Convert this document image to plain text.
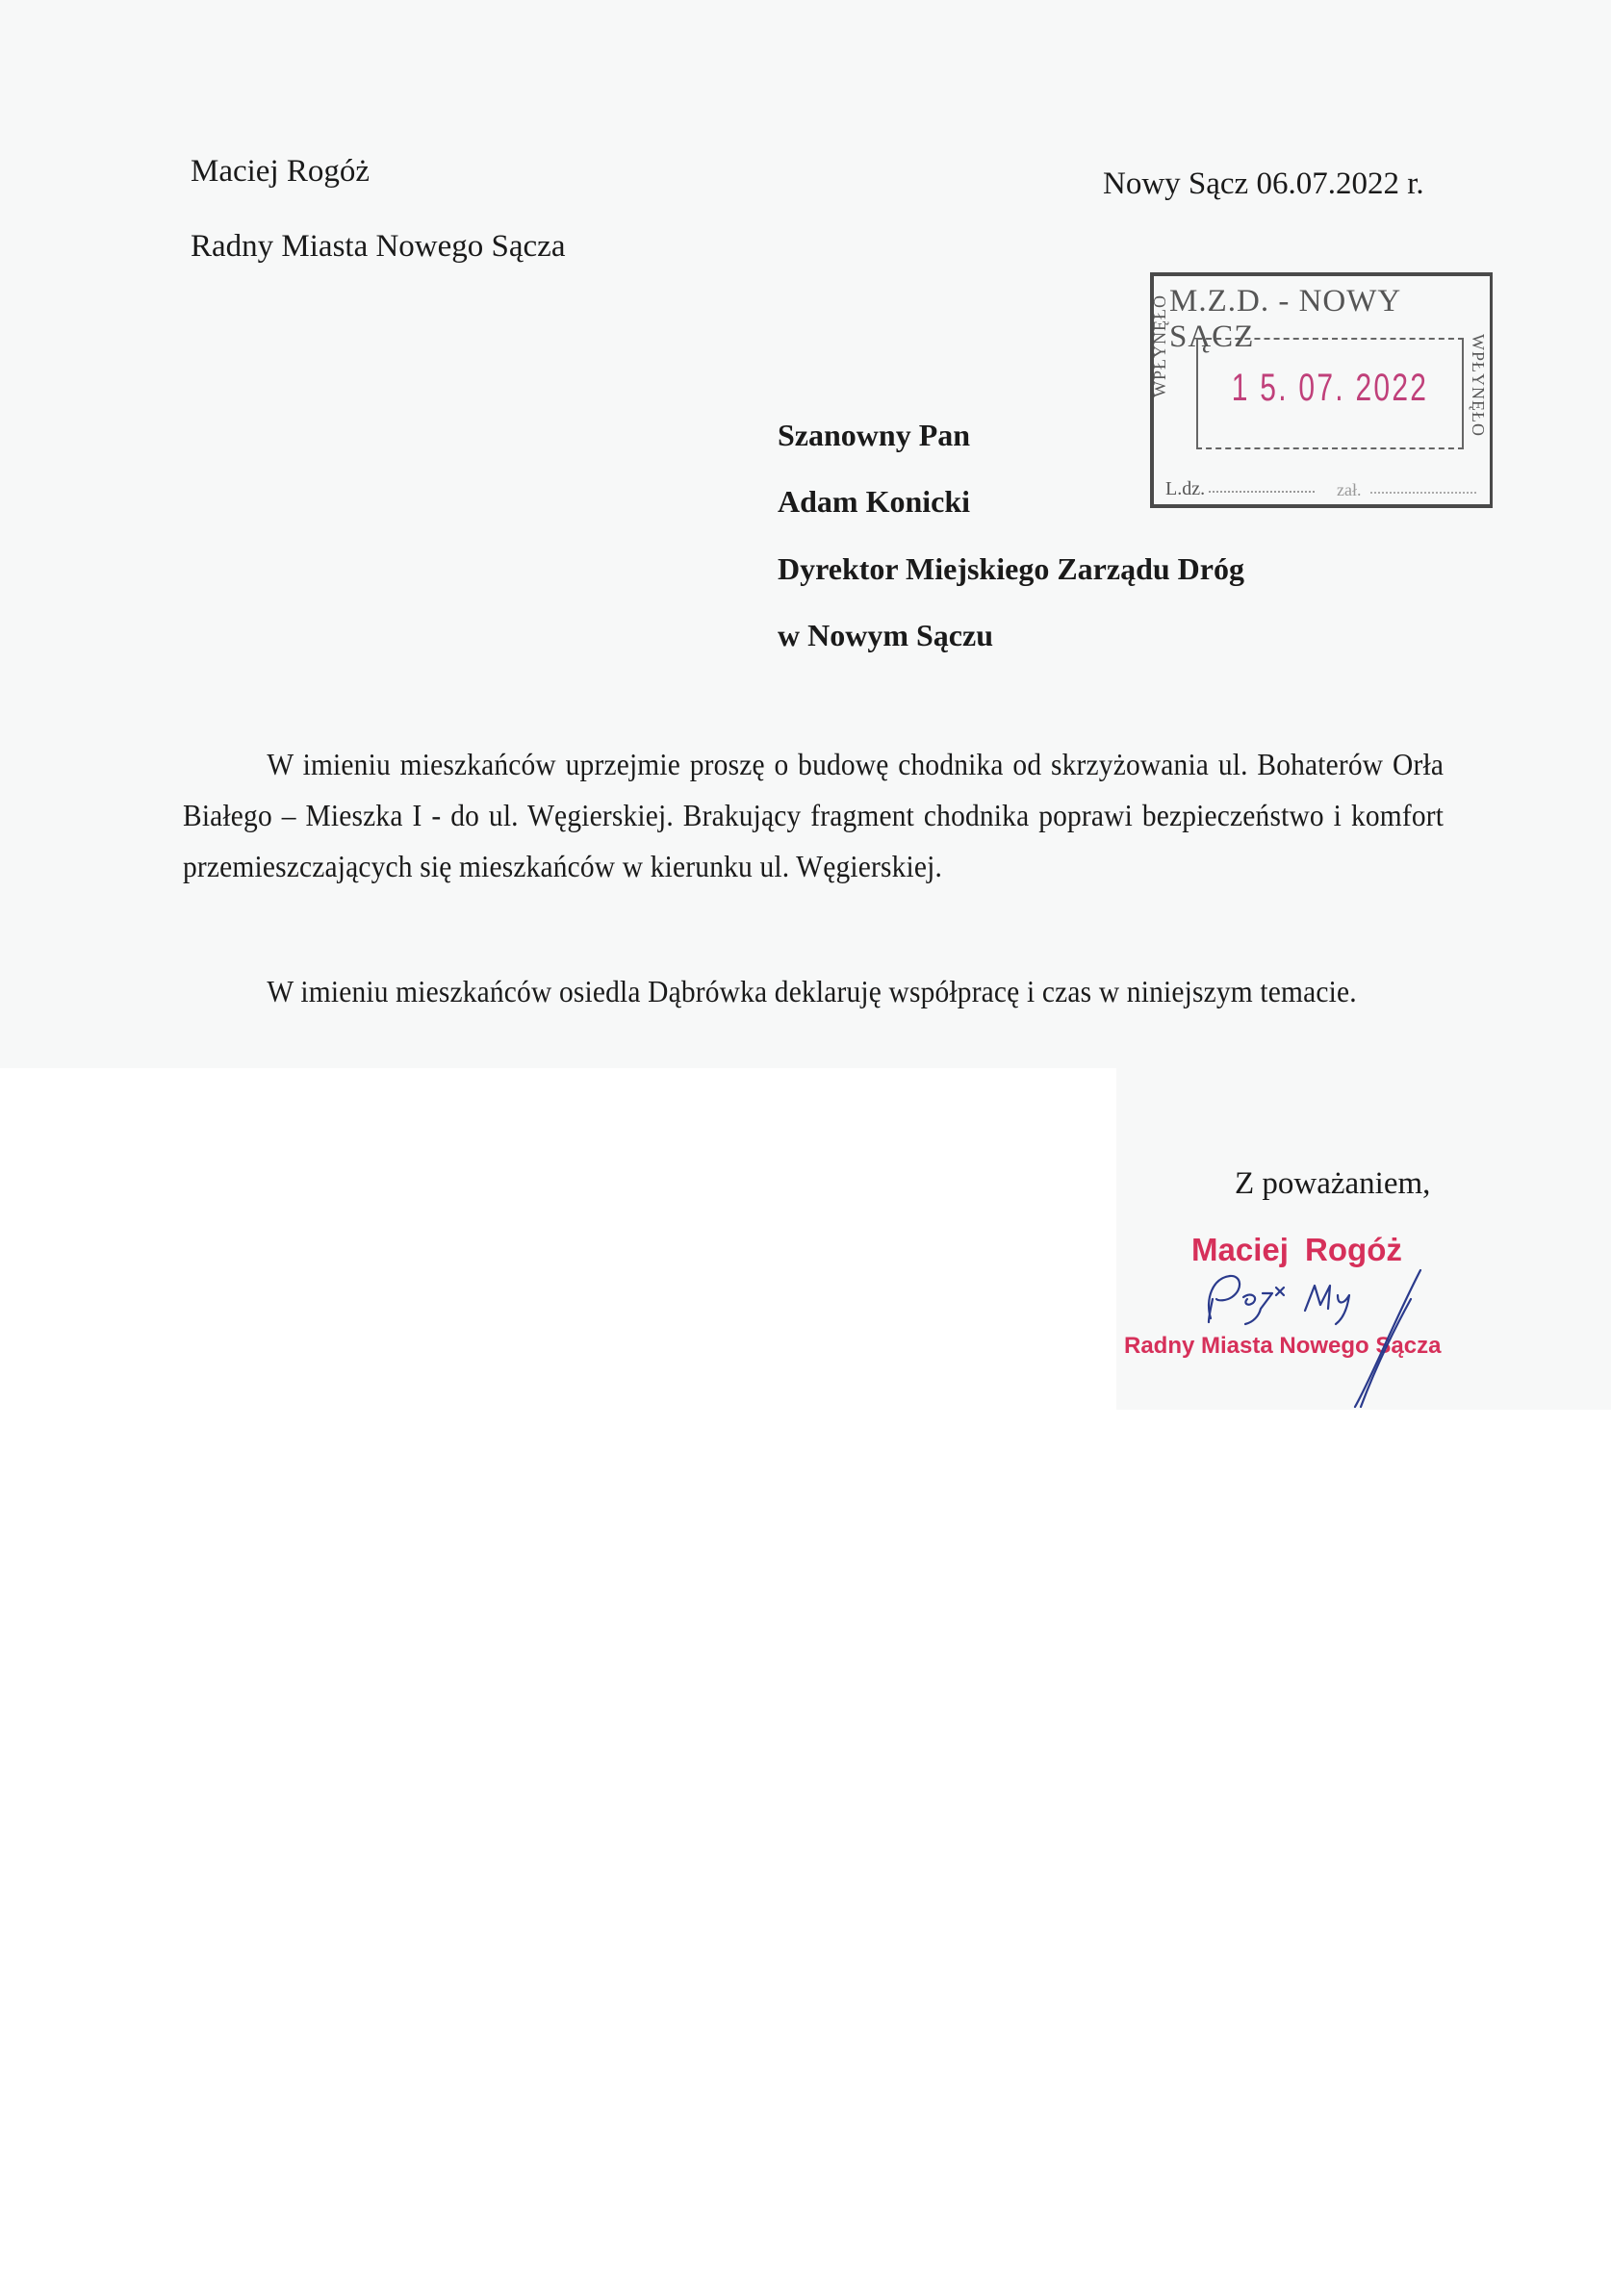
Maciej Rogóż
Radny Miasta Nowego Sącza
Nowy Sącz 06.07.2022 r.
M.Z.D. - NOWY SĄCZ
WPŁYNĘŁO 1 5. 07. 2022 WPŁYNĘŁO
L.dz.	zał.
Szanowny Pan
Adam Konicki
Dyrektor Miejskiego Zarządu Dróg
w Nowym Sączu
W imieniu mieszkańców uprzejmie proszę o budowę chodnika od skrzyżowania ul. Bohaterów Orła Białego – Mieszka I - do ul. Węgierskiej. Brakujący fragment chodnika poprawi bezpieczeństwo i komfort przemieszczających się mieszkańców w kierunku ul. Węgierskiej.
W imieniu mieszkańców osiedla Dąbrówka deklaruję współpracę i czas w niniejszym temacie.
Z poważaniem,
Maciej Rogóż
Radny Miasta Nowego Sącza
